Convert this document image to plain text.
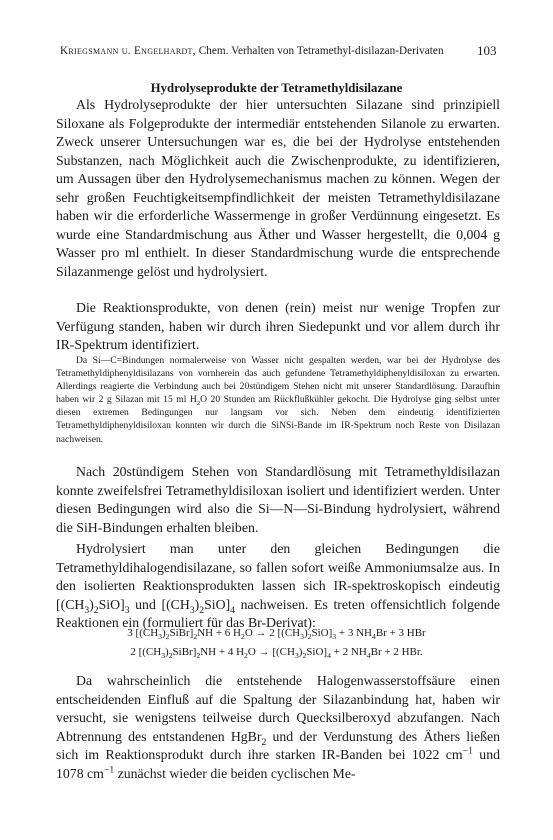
Kriegsmann u. Engelhardt, Chem. Verhalten von Tetramethyl-disilazan-Derivaten	103
Hydrolyseprodukte der Tetramethyldisilazane
Als Hydrolyseprodukte der hier untersuchten Silazane sind prinzipiell Siloxane als Folgeprodukte der intermediär entstehenden Silanole zu erwarten. Zweck unserer Untersuchungen war es, die bei der Hydrolyse entstehenden Substanzen, nach Möglichkeit auch die Zwischenprodukte, zu identifizieren, um Aussagen über den Hydrolysemechanismus machen zu können. Wegen der sehr großen Feuchtigkeitsempfindlichkeit der meisten Tetramethyldisilazane haben wir die erforderliche Wassermenge in großer Verdünnung eingesetzt. Es wurde eine Standardmischung aus Äther und Wasser hergestellt, die 0,004 g Wasser pro ml enthielt. In dieser Standardmischung wurde die entsprechende Silazanmenge gelöst und hydrolysiert.
Die Reaktionsprodukte, von denen (rein) meist nur wenige Tropfen zur Verfügung standen, haben wir durch ihren Siedepunkt und vor allem durch ihr IR-Spektrum identifiziert.
Da Si—C=Bindungen normalerweise von Wasser nicht gespalten werden, war bei der Hydrolyse des Tetramethyldiphenyldisilazans von vornherein das auch gefundene Tetramethyldiphenyldisiloxan zu erwarten. Allerdings reagierte die Verbindung auch bei 20stündigem Stehen nicht mit unserer Standardlösung. Daraufhin haben wir 2 g Silazan mit 15 ml $H_2O$ 20 Stunden am Rückflußkühler gekocht. Die Hydrolyse ging selbst unter diesen extremen Bedingungen nur langsam vor sich. Neben dem eindeutig identifizierten Tetramethyldiphenyldisiloxan konnten wir durch die SiNSi-Bande im IR-Spektrum noch Reste von Disilazan nachweisen.
Nach 20stündigem Stehen von Standardlösung mit Tetramethyldisilazan konnte zweifelsfrei Tetramethyldisiloxan isoliert und identifiziert werden. Unter diesen Bedingungen wird also die Si—N—Si-Bindung hydrolysiert, während die SiH-Bindungen erhalten bleiben.
Hydrolysiert man unter den gleichen Bedingungen die Tetramethyldihalogendisilazane, so fallen sofort weiße Ammoniumsalze aus. In den isolierten Reaktionsprodukten lassen sich IR-spektroskopisch eindeutig $[(CH_3)_2SiO]_3$ und $[(CH_3)_2SiO]_4$ nachweisen. Es treten offensichtlich folgende Reaktionen ein (formuliert für das Br-Derivat):
3 $[(CH_3)_2SiBr]_2NH + 6$ $H_2O \to 2$ $[(CH_3)_2SiO]_3 + 3$ $NH_4Br + 3$ HBr
2 $[(CH_3)_2SiBr]_2NH + 4$ $H_2O \to [(CH_3)_2SiO]_4 + 2$ $NH_4Br + 2$ HBr.
Da wahrscheinlich die entstehende Halogenwasserstoffsäure einen entscheidenden Einfluß auf die Spaltung der Silazanbindung hat, haben wir versucht, sie wenigstens teilweise durch Quecksilberoxyd abzufangen. Nach Abtrennung des entstandenen HgBr$_2$ und der Verdunstung des Äthers ließen sich im Reaktionsprodukt durch ihre starken IR-Banden bei 1022 $cm^{-1}$ und 1078 $cm^{-1}$ zunächst wieder die beiden cyclischen Me-
